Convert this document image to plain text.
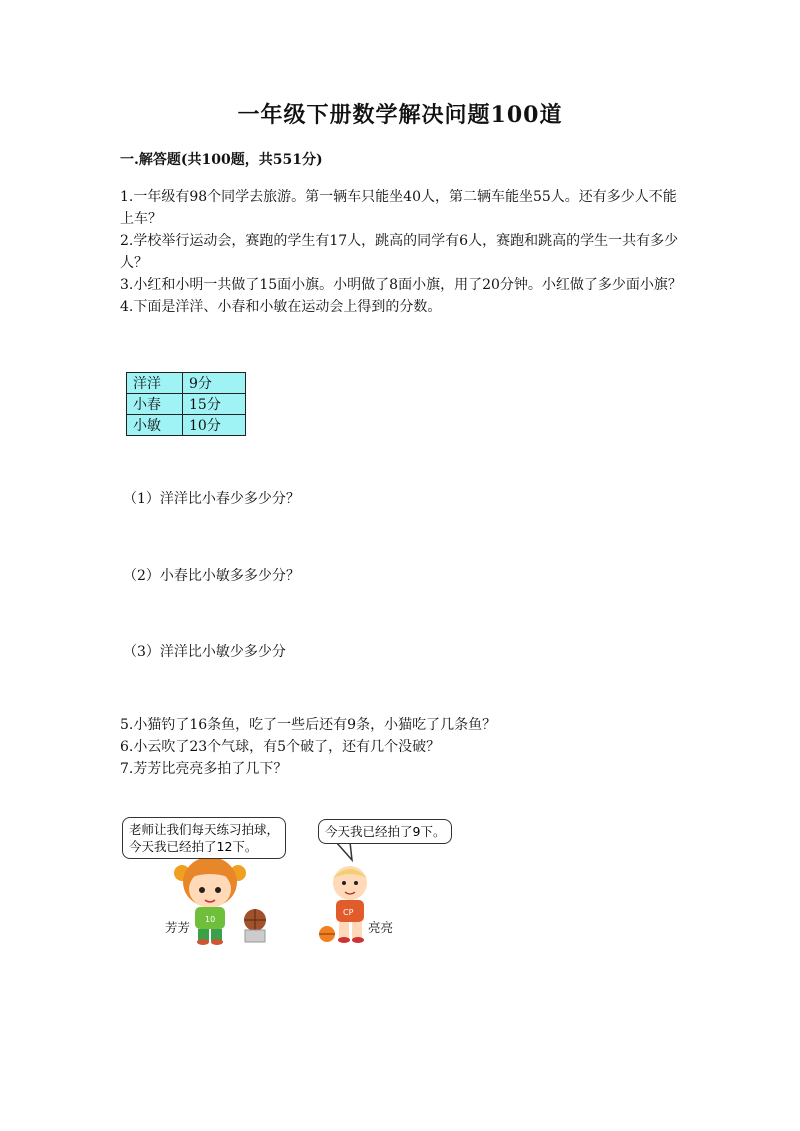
一年级下册数学解决问题100道
一.解答题(共100题，共551分)

1.一年级有98个同学去旅游。第一辆车只能坐40人，第二辆车能坐55人。还有多少人不能上车？

2.学校举行运动会，赛跑的学生有17人，跳高的同学有6人，赛跑和跳高的学生一共有多少人？

3.小红和小明一共做了15面小旗。小明做了8面小旗，用了20分钟。小红做了多少面小旗？

4.下面是洋洋、小春和小敏在运动会上得到的分数。

洋洋	9分
小春	15分
小敏	10分
（1）洋洋比小春少多少分？
（2）小春比小敏多多少分？
（3）洋洋比小敏少多少分

5.小猫钓了16条鱼，吃了一些后还有9条，小猫吃了几条鱼？

6.小云吹了23个气球，有5个破了，还有几个没破？

7.芳芳比亮亮多拍了几下？

10
CP
老师让我们每天练习拍球，
今天我已经拍了12下。
今天我已经拍了9下。
芳芳	亮亮
